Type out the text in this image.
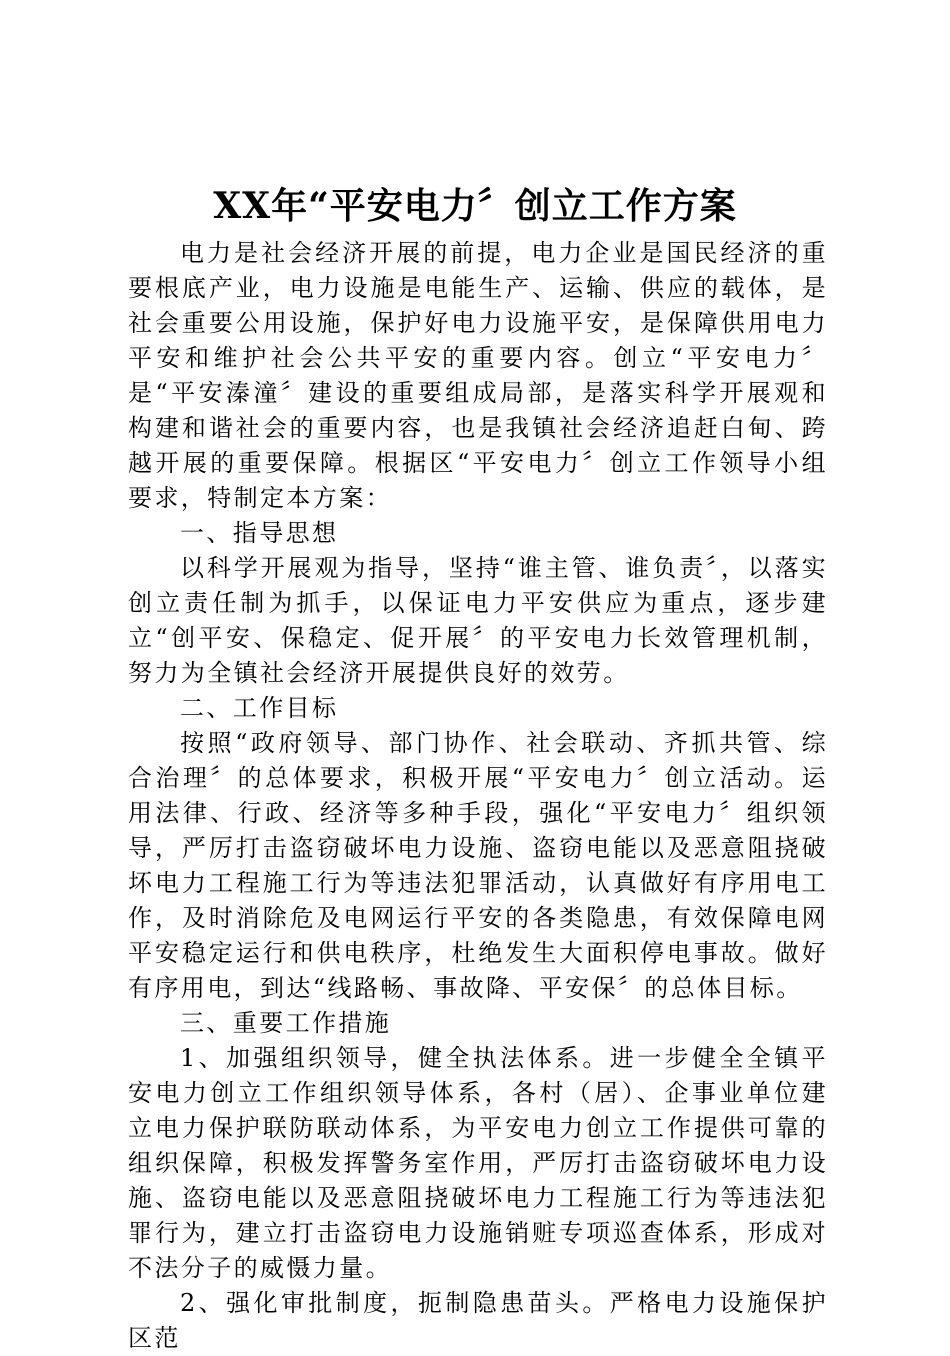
XX年“平安电力〞创立工作方案

电力是社会经济开展的前提，电力企业是国民经济的重要根底产业，电力设施是电能生产、运输、供应的载体，是社会重要公用设施，保护好电力设施平安，是保障供用电力平安和维护社会公共平安的重要内容。创立“平安电力〞是“平安溱潼〞建设的重要组成局部，是落实科学开展观和构建和谐社会的重要内容，也是我镇社会经济追赶白甸、跨越开展的重要保障。根据区“平安电力〞创立工作领导小组要求，特制定本方案：

一、指导思想

以科学开展观为指导，坚持“谁主管、谁负责〞，以落实创立责任制为抓手，以保证电力平安供应为重点，逐步建立“创平安、保稳定、促开展〞的平安电力长效管理机制，努力为全镇社会经济开展提供良好的效劳。

二、工作目标

按照“政府领导、部门协作、社会联动、齐抓共管、综合治理〞的总体要求，积极开展“平安电力〞创立活动。运用法律、行政、经济等多种手段，强化“平安电力〞组织领导，严厉打击盗窃破坏电力设施、盗窃电能以及恶意阻挠破坏电力工程施工行为等违法犯罪活动，认真做好有序用电工作，及时消除危及电网运行平安的各类隐患，有效保障电网平安稳定运行和供电秩序，杜绝发生大面积停电事故。做好有序用电，到达“线路畅、事故降、平安保〞的总体目标。

三、重要工作措施

1、加强组织领导，健全执法体系。进一步健全全镇平安电力创立工作组织领导体系，各村（居）、企事业单位建立电力保护联防联动体系，为平安电力创立工作提供可靠的组织保障，积极发挥警务室作用，严厉打击盗窃破坏电力设施、盗窃电能以及恶意阻挠破坏电力工程施工行为等违法犯罪行为，建立打击盗窃电力设施销赃专项巡查体系，形成对不法分子的威慑力量。

2、强化审批制度，扼制隐患苗头。严格电力设施保护区范
